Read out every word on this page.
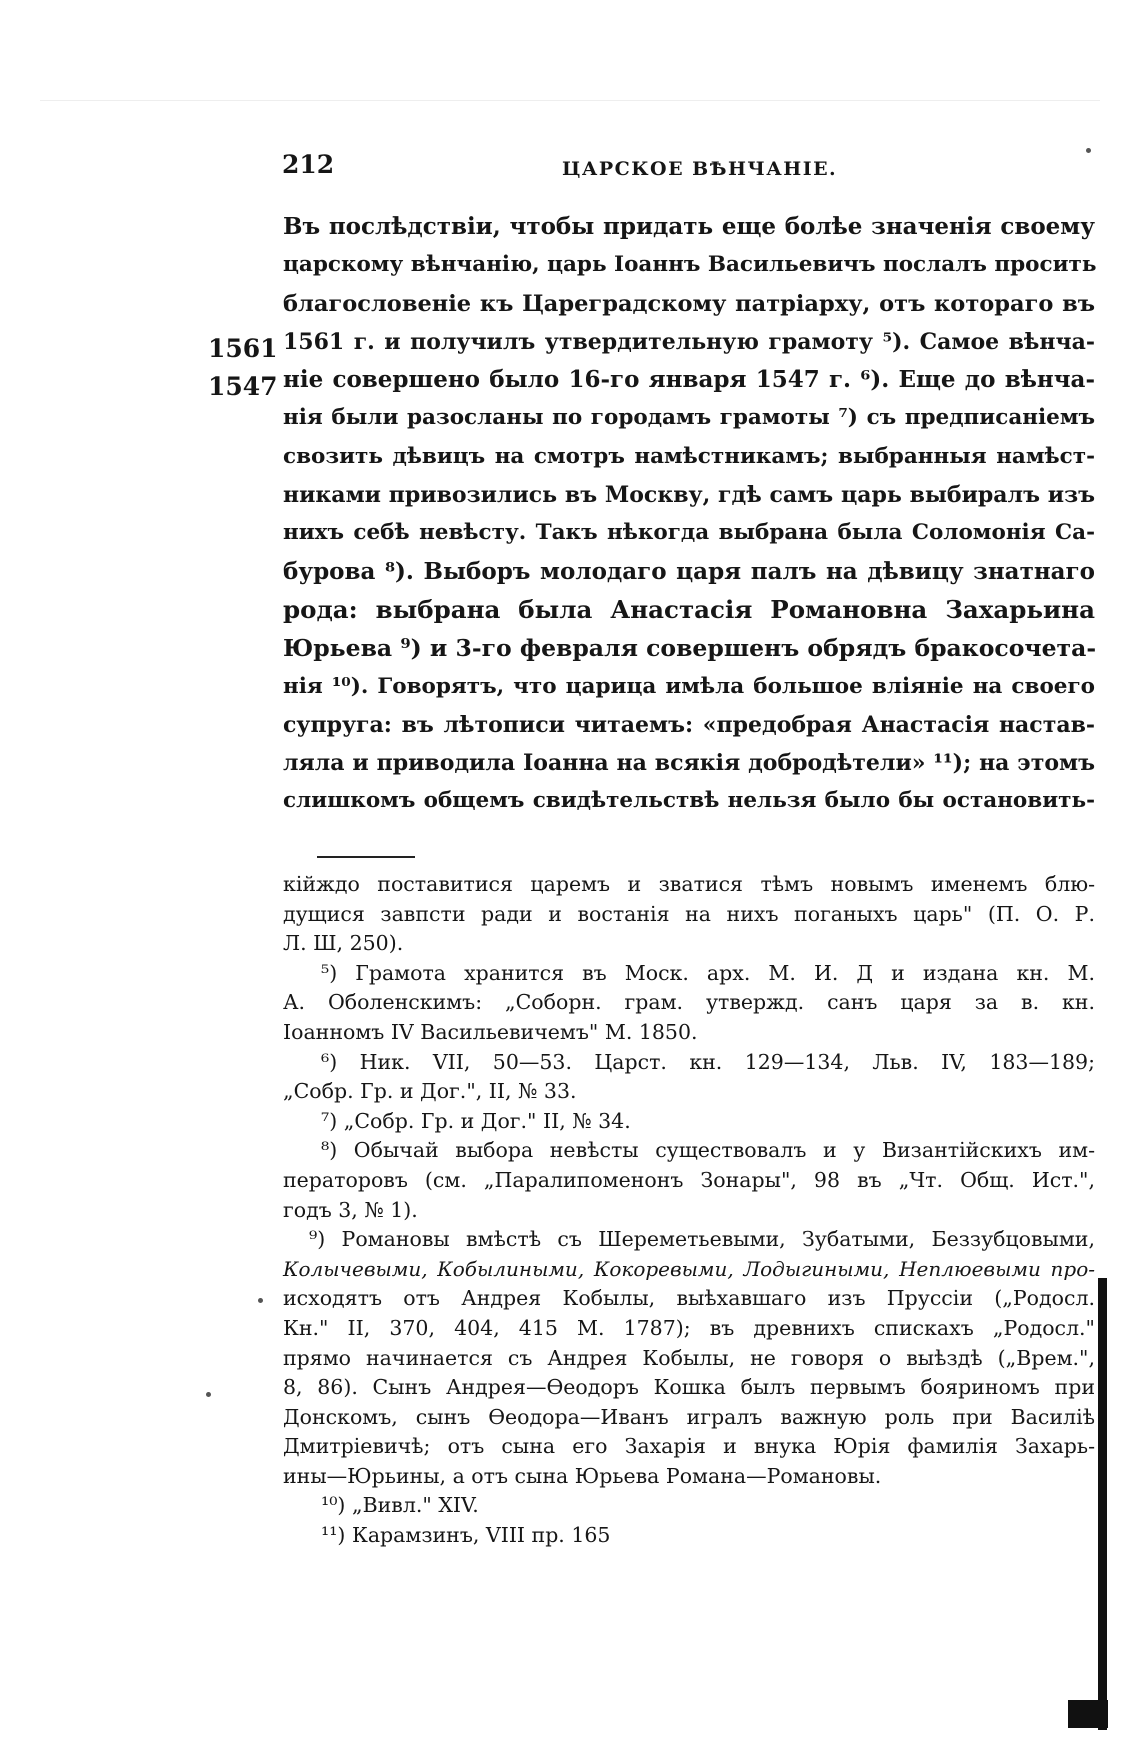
212	ЦАРСКОЕ ВѢНЧАНІЕ.
1561
1547
Въ послѣдствіи, чтобы придать еще болѣе значенія своему
царскому вѣнчанію, царь Іоаннъ Васильевичъ послалъ просить
благословеніе къ Цареградскому патріарху, отъ котораго въ
1561 г. и получилъ утвердительную грамоту ⁵). Самое вѣнча-
ніе совершено было 16-го января 1547 г. ⁶). Еще до вѣнча-
нія были разосланы по городамъ грамоты ⁷) съ предписаніемъ
свозить дѣвицъ на смотръ намѣстникамъ; выбранныя намѣст-
никами привозились въ Москву, гдѣ самъ царь выбиралъ изъ
нихъ себѣ невѣсту. Такъ нѣкогда выбрана была Соломонія Са-
бурова ⁸). Выборъ молодаго царя палъ на дѣвицу знатнаго
рода: выбрана была Анастасія Романовна Захарьина
Юрьева ⁹) и 3-го февраля совершенъ обрядъ бракосочета-
нія ¹⁰). Говорятъ, что царица имѣла большое вліяніе на своего
супруга: въ лѣтописи читаемъ: «предобрая Анастасія настав-
ляла и приводила Іоанна на всякія добродѣтели» ¹¹); на этомъ
слишкомъ общемъ свидѣтельствѣ нельзя было бы остановить-
кійждо поставитися царемъ и зватися тѣмъ новымъ именемъ блю-
дущися завпсти ради и востанія на нихъ поганыхъ царь" (П. О. Р.
Л. Ш, 250).
⁵) Грамота хранится въ Моск. арх. М. И. Д и издана кн. М.
А. Оболенскимъ: „Соборн. грам. утвержд. санъ царя за в. кн.
Іоанномъ IV Васильевичемъ" М. 1850.
⁶) Ник. VII, 50—53. Царст. кн. 129—134, Льв. IV, 183—189;
„Собр. Гр. и Дог.", II, № 33.
⁷) „Собр. Гр. и Дог." II, № 34.
⁸) Обычай выбора невѣсты существовалъ и у Византійскихъ им-
ператоровъ (см. „Паралипоменонъ Зонары", 98 въ „Чт. Общ. Ист.",
годъ 3, № 1).
⁹) Романовы вмѣстѣ съ Шереметьевыми, Зубатыми, Беззубцовыми,
Колычевыми, Кобылиными, Кокоревыми, Лодыгиными, Неплюевыми про-
исходятъ отъ Андрея Кобылы, выѣхавшаго изъ Пруссіи („Родосл.
Кн." II, 370, 404, 415 М. 1787); въ древнихъ спискахъ „Родосл."
прямо начинается съ Андрея Кобылы, не говоря о выѣздѣ („Врем.",
8, 86). Сынъ Андрея—Өеодоръ Кошка былъ первымъ бояриномъ при
Донскомъ, сынъ Өеодора—Иванъ игралъ важную роль при Василіѣ
Дмитріевичѣ; отъ сына его Захарія и внука Юрія фамилія Захарь-
ины—Юрьины, а отъ сына Юрьева Романа—Романовы.
¹⁰) „Вивл." XIV.
¹¹) Карамзинъ, VIII пр. 165
